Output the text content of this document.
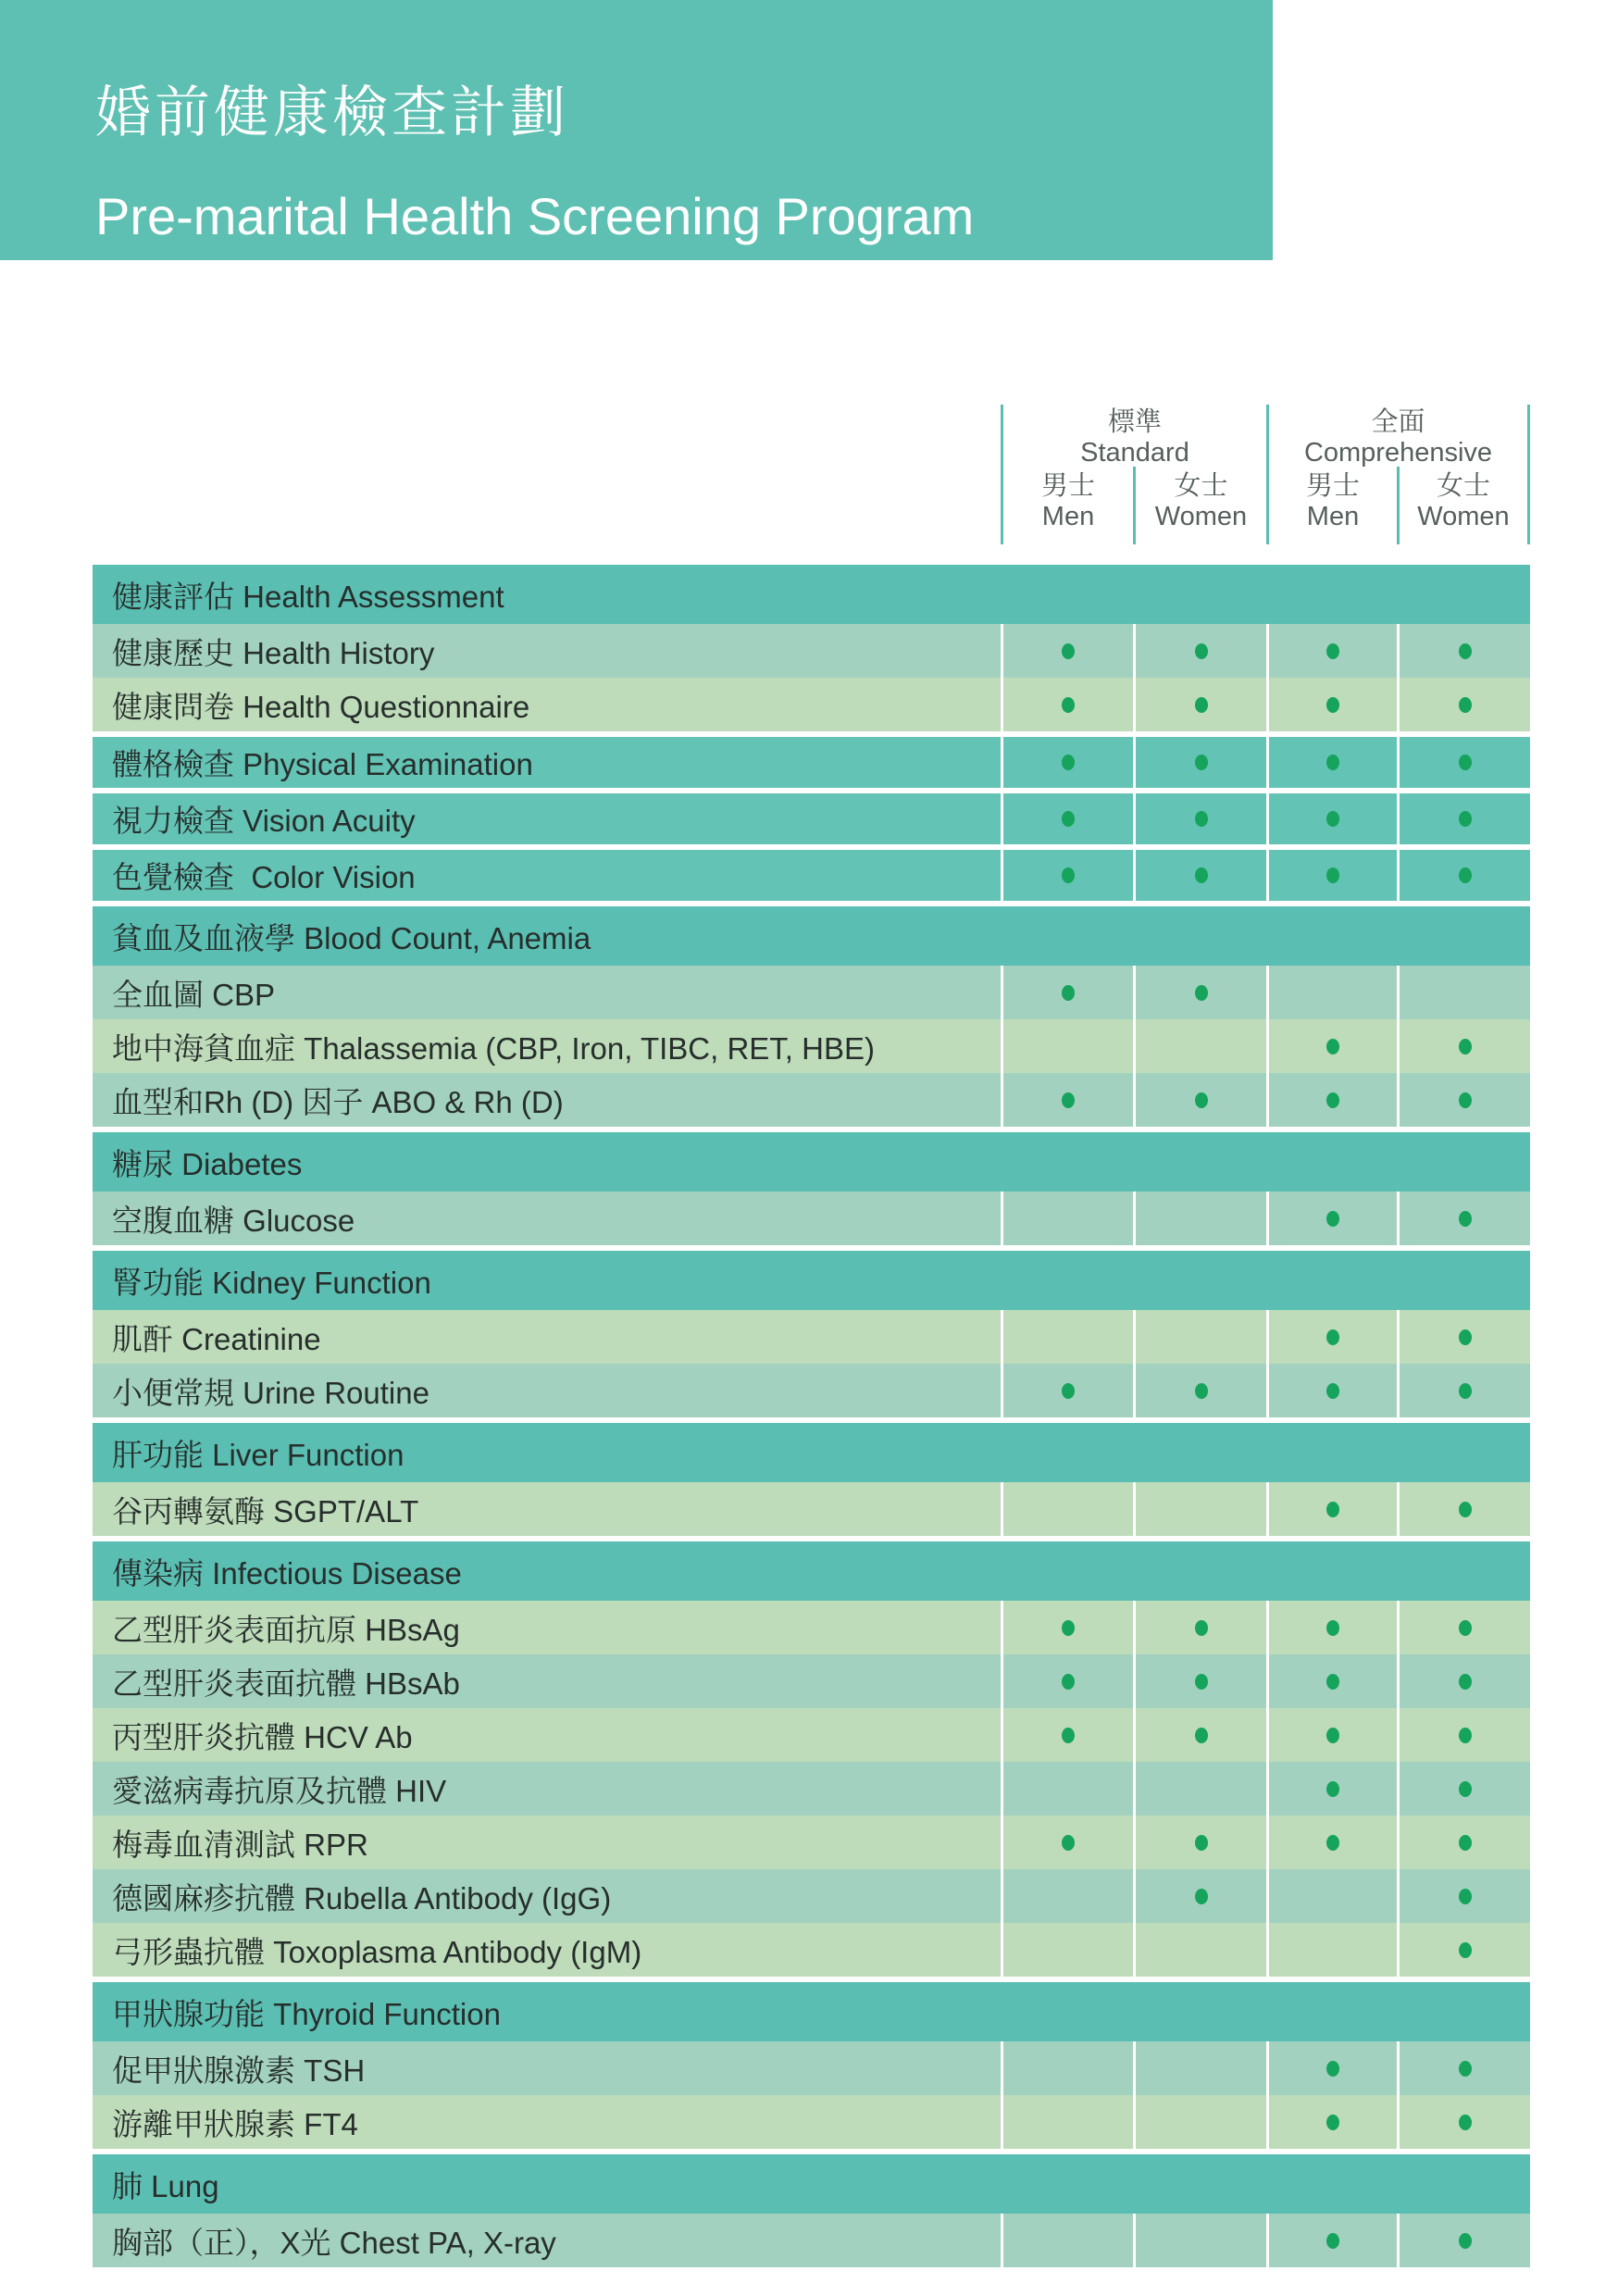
婚前健康檢查計劃
Pre-marital Health Screening Program
標準
Standard
全面
Comprehensive
男士
Men
女士
Women
男士
Men
女士
Women
健康評估 Health Assessment
健康歷史 Health History
健康問卷 Health Questionnaire
體格檢查 Physical Examination
視力檢查 Vision Acuity
色覺檢查  Color Vision
貧血及血液學 Blood Count, Anemia
全血圖 CBP
地中海貧血症 Thalassemia (CBP, Iron, TIBC, RET, HBE)
血型和Rh (D) 因子 ABO & Rh (D)
糖尿 Diabetes
空腹血糖 Glucose
腎功能 Kidney Function
肌酐 Creatinine
小便常規 Urine Routine
肝功能 Liver Function
谷丙轉氨酶 SGPT/ALT
傳染病 Infectious Disease
乙型肝炎表面抗原 HBsAg
乙型肝炎表面抗體 HBsAb
丙型肝炎抗體 HCV Ab
愛滋病毒抗原及抗體 HIV
梅毒血清測試 RPR
德國麻疹抗體 Rubella Antibody (IgG)
弓形蟲抗體 Toxoplasma Antibody (IgM)
甲狀腺功能 Thyroid Function
促甲狀腺激素 TSH
游離甲狀腺素 FT4
肺 Lung
胸部（正），X光 Chest PA, X-ray
